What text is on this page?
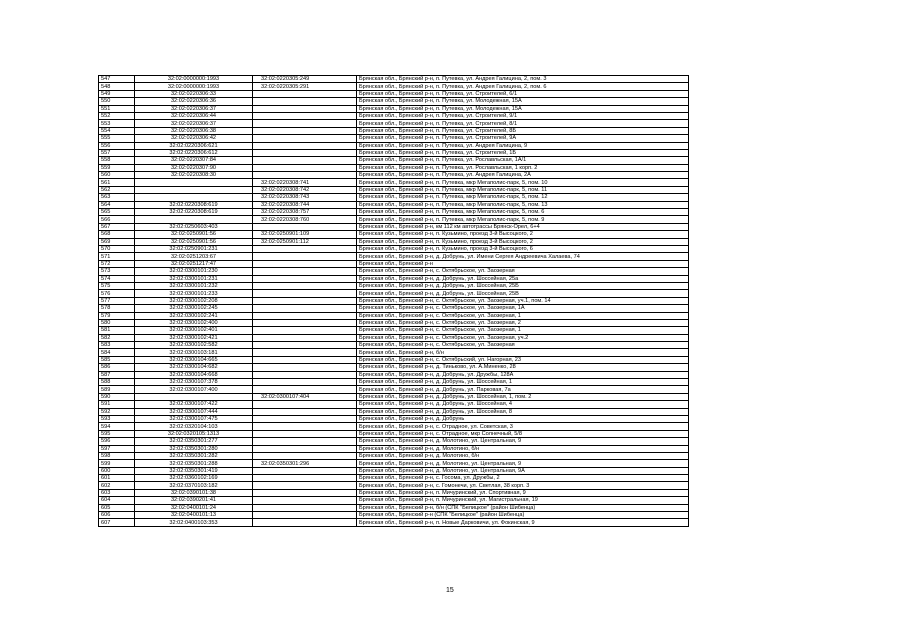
547	32:02:0000000:1993	32:02:0220305:249	Брянская обл., Брянский р-н, п. Путевка, ул. Андрея Галицина, 2, пом. 3
548	32:02:0000000:1993	32:02:0220305:291	Брянская обл., Брянский р-н, п. Путевка, ул. Андрея Галицина, 2, пом. 6
549	32:02:0220306:33		Брянская обл., Брянский р-н, п. Путевка, ул. Строителей, 6/1
550	32:02:0220306:36		Брянская обл., Брянский р-н, п. Путевка, ул. Молодежная, 15А
551	32:02:0220306:37		Брянская обл., Брянский р-н, п. Путевка, ул. Молодежная, 15А
552	32:02:0220306:44		Брянская обл., Брянский р-н, п. Путевка, ул. Строителей, 9/1
553	32:02:0220306:37		Брянская обл., Брянский р-н, п. Путевка, ул. Строителей, 8/1
554	32:02:0220306:38		Брянская обл., Брянский р-н, п. Путевка, ул. Строителей, 8Б
555	32:02:0220306:42		Брянская обл., Брянский р-н, п. Путевка, ул. Строителей, 9А
556	32:02:0220306:621		Брянская обл., Брянский р-н, п. Путевка, ул. Андрея Галицина, 9
557	32:02:0220306:612		Брянская обл., Брянский р-н, п. Путевка, ул. Строителей, 1Б
558	32:02:0220307:84		Брянская обл., Брянский р-н, п. Путевка, ул. Рославльская, 1А/1
559	32:02:0220307:90		Брянская обл., Брянский р-н, п. Путевка, ул. Рославльская, 1 корп. 2
560	32:02:0220308:30		Брянская обл., Брянский р-н, п. Путевка, ул. Андрея Галицина, 2А
561		32:02:0220308:741	Брянская обл., Брянский р-н, п. Путевка, мкр Мегаполис-парк, 5, пом. 10
562		32:02:0220308:742	Брянская обл., Брянский р-н, п. Путевка, мкр Мегаполис-парк, 5, пом. 11
563		32:02:0220308:743	Брянская обл., Брянский р-н, п. Путевка, мкр Мегаполис-парк, 5, пом. 12
564	32:02:0220308:619	32:02:0220308:744	Брянская обл., Брянский р-н, п. Путевка, мкр Мегаполис-парк, 5, пом. 13
565	32:02:0220308:619	32:02:0220308:757	Брянская обл., Брянский р-н, п. Путевка, мкр Мегаполис-парк, 5, пом. 6
566		32:02:0220308:760	Брянская обл., Брянский р-н, п. Путевка, мкр Мегаполис-парк, 5, пом. 9
567	32:02:0250603:403		Брянская обл., Брянский р-н, км 112 км автотрассы Брянск-Орел, 6+4
568	32:02:0250901:56	32:02:0250901:109	Брянская обл., Брянский р-н, п. Кузьмино, проезд 3-й Высоцкого, 2
569	32:02:0250901:56	32:02:0250901:112	Брянская обл., Брянский р-н, п. Кузьмино, проезд 3-й Высоцкого, 2
570	32:02:0250901:231		Брянская обл., Брянский р-н, п. Кузьмино, проезд 3-й Высоцкого, 6
571	32:02:0251203:67		Брянская обл., Брянский р-н, д. Добрунь, ул. Имени Сергея Андреевича Халаева, 74
572	32:02:0251217:47		Брянская обл., Брянский р-н
573	32:02:0300101:230		Брянская обл., Брянский р-н, с. Октябрьское, ул. Заозерная
574	32:02:0300101:231		Брянская обл., Брянский р-н, д. Добрунь, ул. Шоссейная, 25а
575	32:02:0300101:232		Брянская обл., Брянский р-н, д. Добрунь, ул. Шоссейная, 25Б
576	32:02:0300101:233		Брянская обл., Брянский р-н, д. Добрунь, ул. Шоссейная, 25В
577	32:02:0300102:208		Брянская обл., Брянский р-н, с. Октябрьское, ул. Заозерная, уч.1, пом. 14
578	32:02:0300102:245		Брянская обл., Брянский р-н, с. Октябрьское, ул. Заозерная, 1А
579	32:02:0300102:241		Брянская обл., Брянский р-н, с. Октябрьское, ул. Заозерная, 1
580	32:02:0300102:400		Брянская обл., Брянский р-н, с. Октябрьское, ул. Заозерная, 2
581	32:02:0300102:401		Брянская обл., Брянский р-н, с. Октябрьское, ул. Заозерная, 1
582	32:02:0300102:421		Брянская обл., Брянский р-н, с. Октябрьское, ул. Заозерная, уч.2
583	32:02:0300102:582		Брянская обл., Брянский р-н, с. Октябрьское, ул. Заозерная
584	32:02:0300103:181		Брянская обл., Брянский р-н, б/н
585	32:02:0300104:665		Брянская обл., Брянский р-н, с. Октябрьский, ул. Нагорная, 23
586	32:02:0300104:682		Брянская обл., Брянский р-н, д. Тиньково, ул. А.Миненко, 28
587	32:02:0300104:668		Брянская обл., Брянский р-н, д. Добрунь, ул. Дружбы, 128А
588	32:02:0300107:378		Брянская обл., Брянский р-н, д. Добрунь, ул. Шоссейная, 1
589	32:02:0300107:400		Брянская обл., Брянский р-н, д. Добрунь, ул. Парковая, 7а
590		32:02:0300107:404	Брянская обл., Брянский р-н, д. Добрунь, ул. Шоссейная, 1, пом. 2
591	32:02:0300107:422		Брянская обл., Брянский р-н, д. Добрунь, ул. Шоссейная, 4
592	32:02:0300107:444		Брянская обл., Брянский р-н, д. Добрунь, ул. Шоссейная, 8
593	32:02:0300107:475		Брянская обл., Брянский р-н, д. Добрунь
594	32:02:0320104:103		Брянская обл., Брянский р-н, с. Отрадное, ул. Советская, 3
595	32:02:0320105:1313		Брянская обл., Брянский р-н, с. Отрадное, мкр Солнечный, 5/8
596	32:02:0350301:277		Брянская обл., Брянский р-н, д. Молотино, ул. Центральная, 9
597	32:02:0350301:280		Брянская обл., Брянский р-н, д. Молотино, б/н
598	32:02:0350301:282		Брянская обл., Брянский р-н, д. Молотино, б/н
599	32:02:0350301:288	32:02:0350301:296	Брянская обл., Брянский р-н, д. Молотино, ул. Центральная, 9
600	32:02:0350301:419		Брянская обл., Брянский р-н, д. Молотино, ул. Центральная, 9А
601	32:02:0360102:169		Брянская обл., Брянский р-н, с. Госома, ул. Дружбы, 2
602	32:02:0370103:182		Брянская обл., Брянский р-н, с. Гомонечи, ул. Светлая, 38 корп. 3
603	32:02:0390101:38		Брянская обл., Брянский р-н, п. Мичуринский, ул. Спортивная, 9
604	32:02:0390201:41		Брянская обл., Брянский р-н, п. Мичуринский, ул. Магистральная, 19
605	32:02:0400101:24		Брянская обл., Брянский р-н, б/н (СПК "Белицкое" (район Шибенца)
606	32:02:0400101:13		Брянская обл., Брянский р-н (СПК "Белицкое" (район Шибенца)
607	32:02:0400103:353		Брянская обл., Брянский р-н, п. Новые Дарковичи, ул. Фокинская, 9
15
